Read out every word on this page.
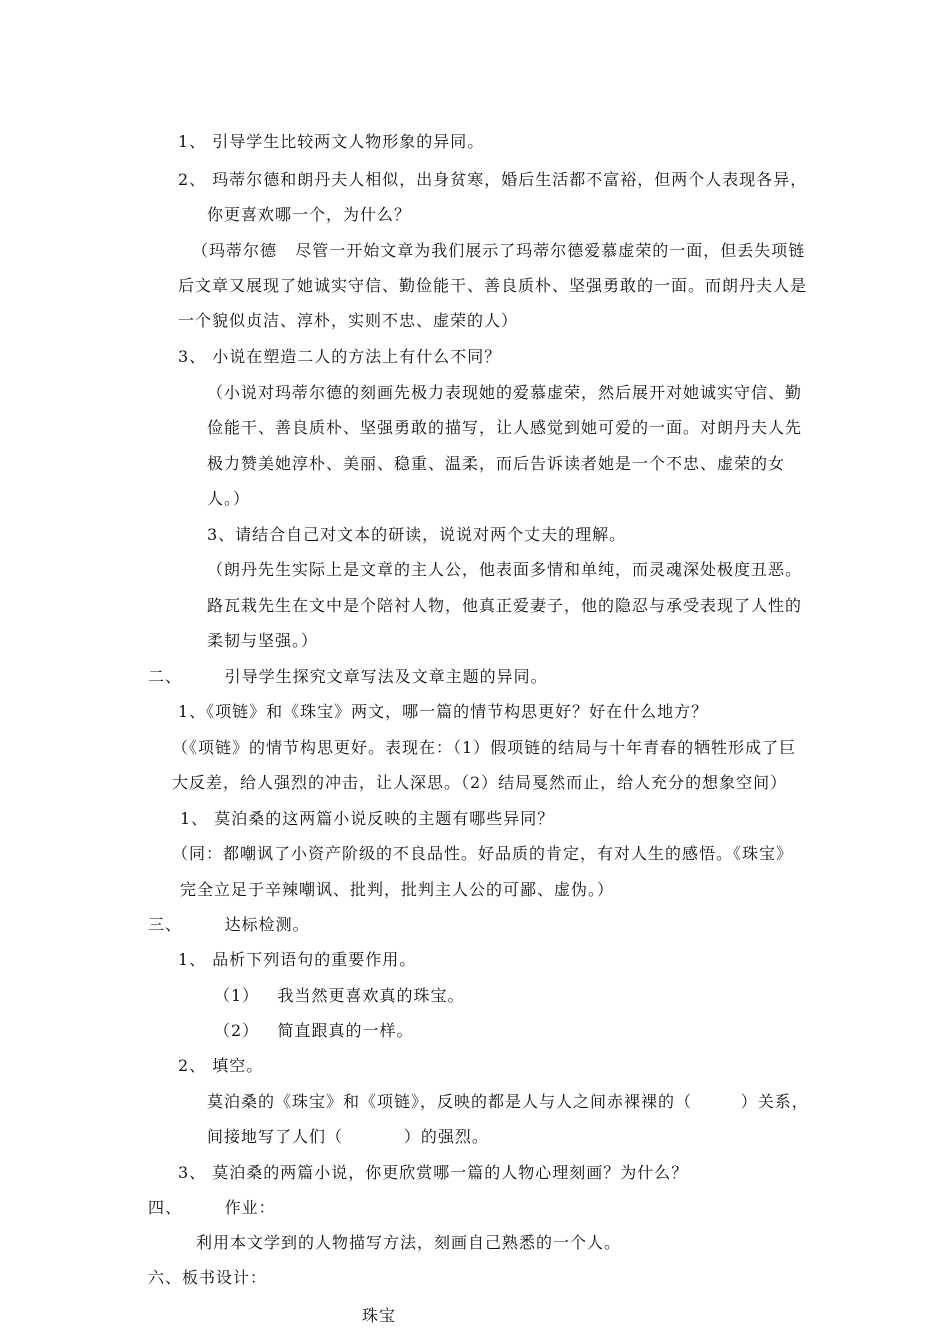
1、 引导学生比较两文人物形象的异同。
2、 玛蒂尔德和朗丹夫人相似，出身贫寒，婚后生活都不富裕，但两个人表现各异，
你更喜欢哪一个，为什么？
（玛蒂尔德   尽管一开始文章为我们展示了玛蒂尔德爱慕虚荣的一面，但丢失项链
后文章又展现了她诚实守信、勤俭能干、善良质朴、坚强勇敢的一面。而朗丹夫人是
一个貌似贞洁、淳朴，实则不忠、虚荣的人）
3、 小说在塑造二人的方法上有什么不同？
（小说对玛蒂尔德的刻画先极力表现她的爱慕虚荣，然后展开对她诚实守信、勤
俭能干、善良质朴、坚强勇敢的描写，让人感觉到她可爱的一面。对朗丹夫人先
极力赞美她淳朴、美丽、稳重、温柔，而后告诉读者她是一个不忠、虚荣的女
人。）
3、请结合自己对文本的研读，说说对两个丈夫的理解。
（朗丹先生实际上是文章的主人公，他表面多情和单纯，而灵魂深处极度丑恶。
路瓦栽先生在文中是个陪衬人物，他真正爱妻子，他的隐忍与承受表现了人性的
柔韧与坚强。）
二、       引导学生探究文章写法及文章主题的异同。
1、《项链》和《珠宝》两文，哪一篇的情节构思更好？好在什么地方？
（《项链》的情节构思更好。表现在：（1）假项链的结局与十年青春的牺牲形成了巨
大反差，给人强烈的冲击，让人深思。（2）结局戛然而止，给人充分的想象空间）
1、 莫泊桑的这两篇小说反映的主题有哪些异同？
（同：都嘲讽了小资产阶级的不良品性。好品质的肯定，有对人生的感悟。《珠宝》
完全立足于辛辣嘲讽、批判，批判主人公的可鄙、虚伪。）
三、       达标检测。
1、 品析下列语句的重要作用。
（1）   我当然更喜欢真的珠宝。
（2）   简直跟真的一样。
2、 填空。
莫泊桑的《珠宝》和《项链》，反映的都是人与人之间赤裸裸的（        ）关系，
间接地写了人们（          ）的强烈。
3、 莫泊桑的两篇小说，你更欣赏哪一篇的人物心理刻画？为什么？
四、       作业：
利用本文学到的人物描写方法，刻画自己熟悉的一个人。
六、板书设计：
珠宝
